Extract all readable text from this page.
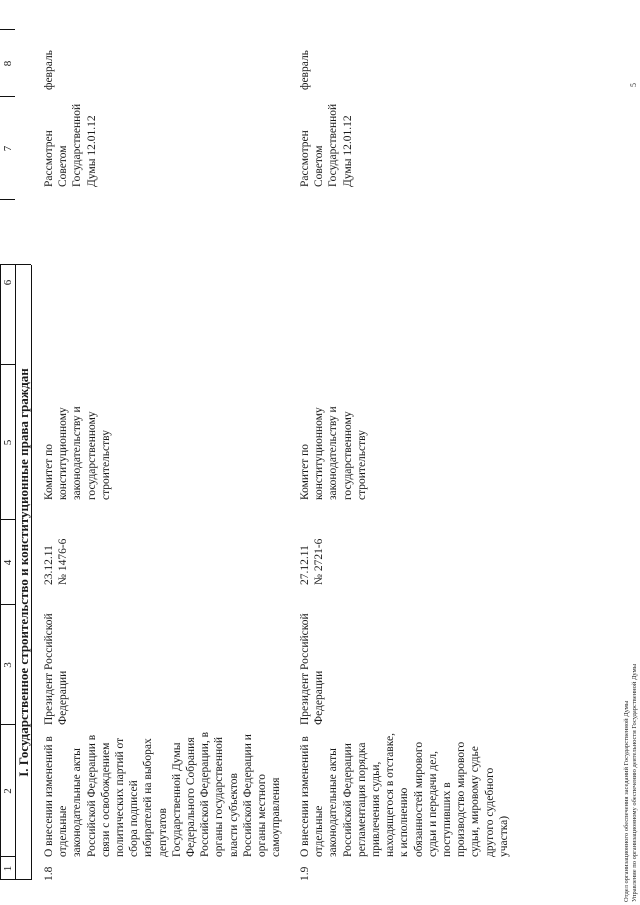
1
2
3
4
5
6
7
8
I. Государственное строительство и конституционные права граждан
1.8
О внесении изменений в
отдельные
законодательные акты
Российской Федерации в
связи с освобождением
политических партий от
сбора подписей
избирателей на выборах
депутатов
Государственной Думы
Федерального Собрания
Российской Федерации, в
органы государственной
власти субъектов
Российской Федерации и
органы местного
самоуправления
Президент Российской
Федерации
23.12.11
№ 1476-6
Комитет по
конституционному
законодательству и
государственному
строительству
Рассмотрен
Советом
Государственной
Думы 12.01.12
февраль
1.9
О внесении изменений в
отдельные
законодательные акты
Российской Федерации
регламентация порядка
привлечения судьи,
находящегося в отставке,
к исполнению
обязанностей мирового
судьи и передачи дел,
поступивших в
производство мирового
судьи, мировому судье
другого судебного
участка)
Президент Российской
Федерации
27.12.11
№ 2721-6
Комитет по
конституционному
законодательству и
государственному
строительству
Рассмотрен
Советом
Государственной
Думы 12.01.12
февраль
Отдел организационного обеспечения заседаний Государственной Думы Управление по организационному обеспечению деятельности Государственной Думы
5
